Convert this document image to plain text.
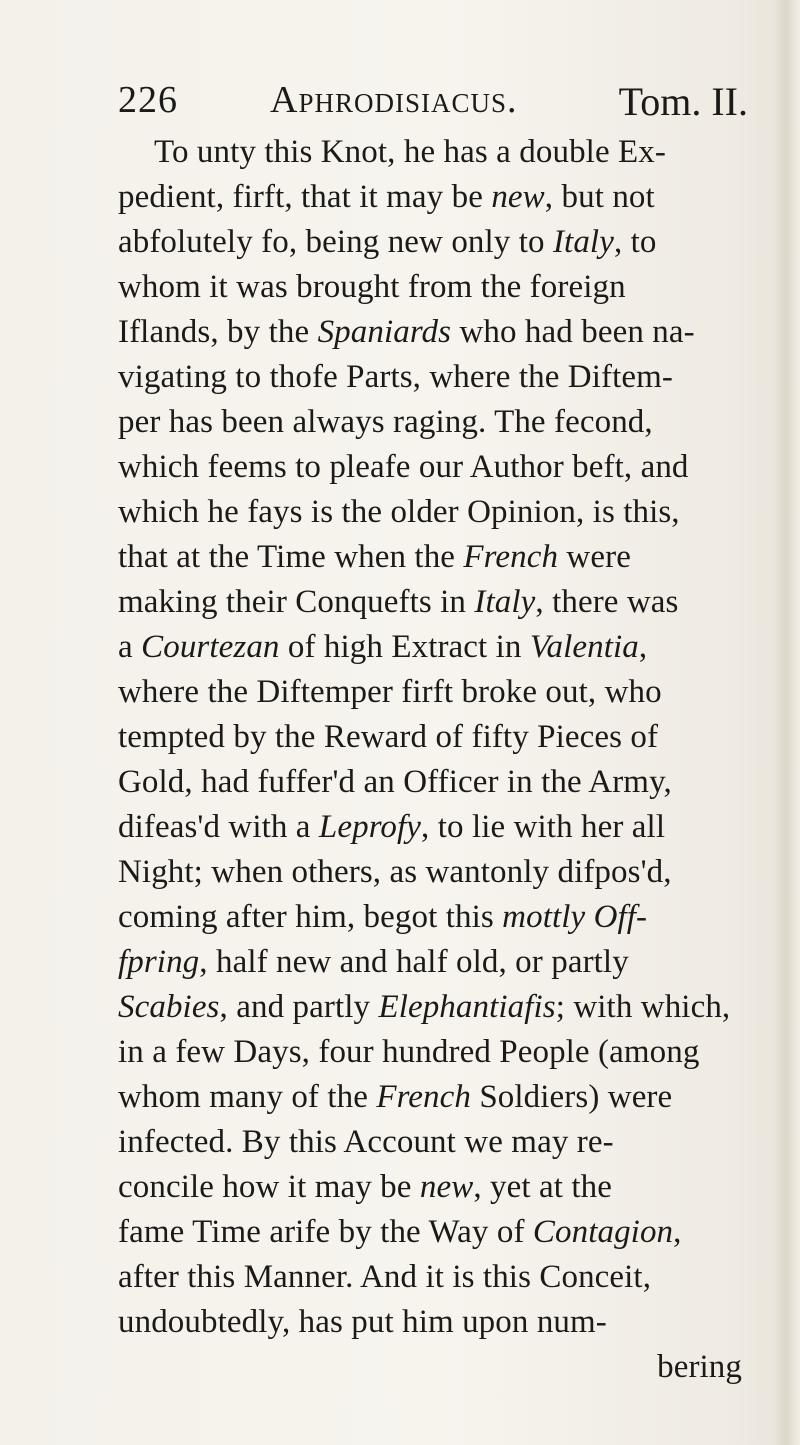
226 Aphrodisiacus.	Tom. II.
To unty this Knot, he has a double Ex-
pedient, firft, that it may be new, but not
abfolutely fo, being new only to Italy, to
whom it was brought from the foreign
Iflands, by the Spaniards who had been na-
vigating to thofe Parts, where the Diftem-
per has been always raging. The fecond,
which feems to pleafe our Author beft, and
which he fays is the older Opinion, is this,
that at the Time when the French were
making their Conquefts in Italy, there was
a Courtezan of high Extract in Valentia,
where the Diftemper firft broke out, who
tempted by the Reward of fifty Pieces of
Gold, had fuffer'd an Officer in the Army,
difeas'd with a Leprofy, to lie with her all
Night; when others, as wantonly difpos'd,
coming after him, begot this mottly Off-
fpring, half new and half old, or partly
Scabies, and partly Elephantiafis; with which,
in a few Days, four hundred People (among
whom many of the French Soldiers) were
infected. By this Account we may re-
concile how it may be new, yet at the
fame Time arife by the Way of Contagion,
after this Manner. And it is this Conceit,
undoubtedly, has put him upon num-
bering
